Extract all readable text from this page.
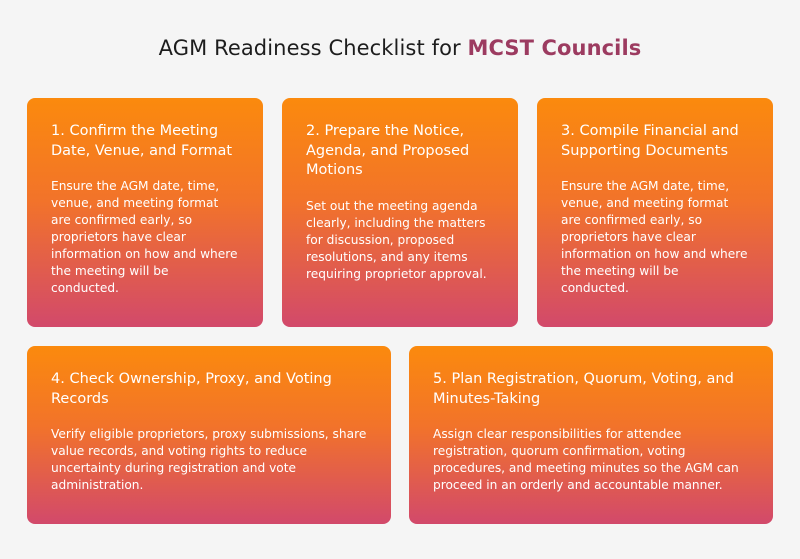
AGM Readiness Checklist for MCST Councils
1. Confirm the Meeting Date, Venue, and Format

Ensure the AGM date, time, venue, and meeting format are confirmed early, so proprietors have clear information on how and where the meeting will be conducted.

2. Prepare the Notice, Agenda, and Proposed Motions

Set out the meeting agenda clearly, including the matters for discussion, proposed resolutions, and any items requiring proprietor approval.

3. Compile Financial and Supporting Documents

Ensure the AGM date, time, venue, and meeting format are confirmed early, so proprietors have clear information on how and where the meeting will be conducted.

4. Check Ownership, Proxy, and Voting Records

Verify eligible proprietors, proxy submissions, share value records, and voting rights to reduce uncertainty during registration and vote administration.

5. Plan Registration, Quorum, Voting, and Minutes-Taking

Assign clear responsibilities for attendee registration, quorum confirmation, voting procedures, and meeting minutes so the AGM can proceed in an orderly and accountable manner.
